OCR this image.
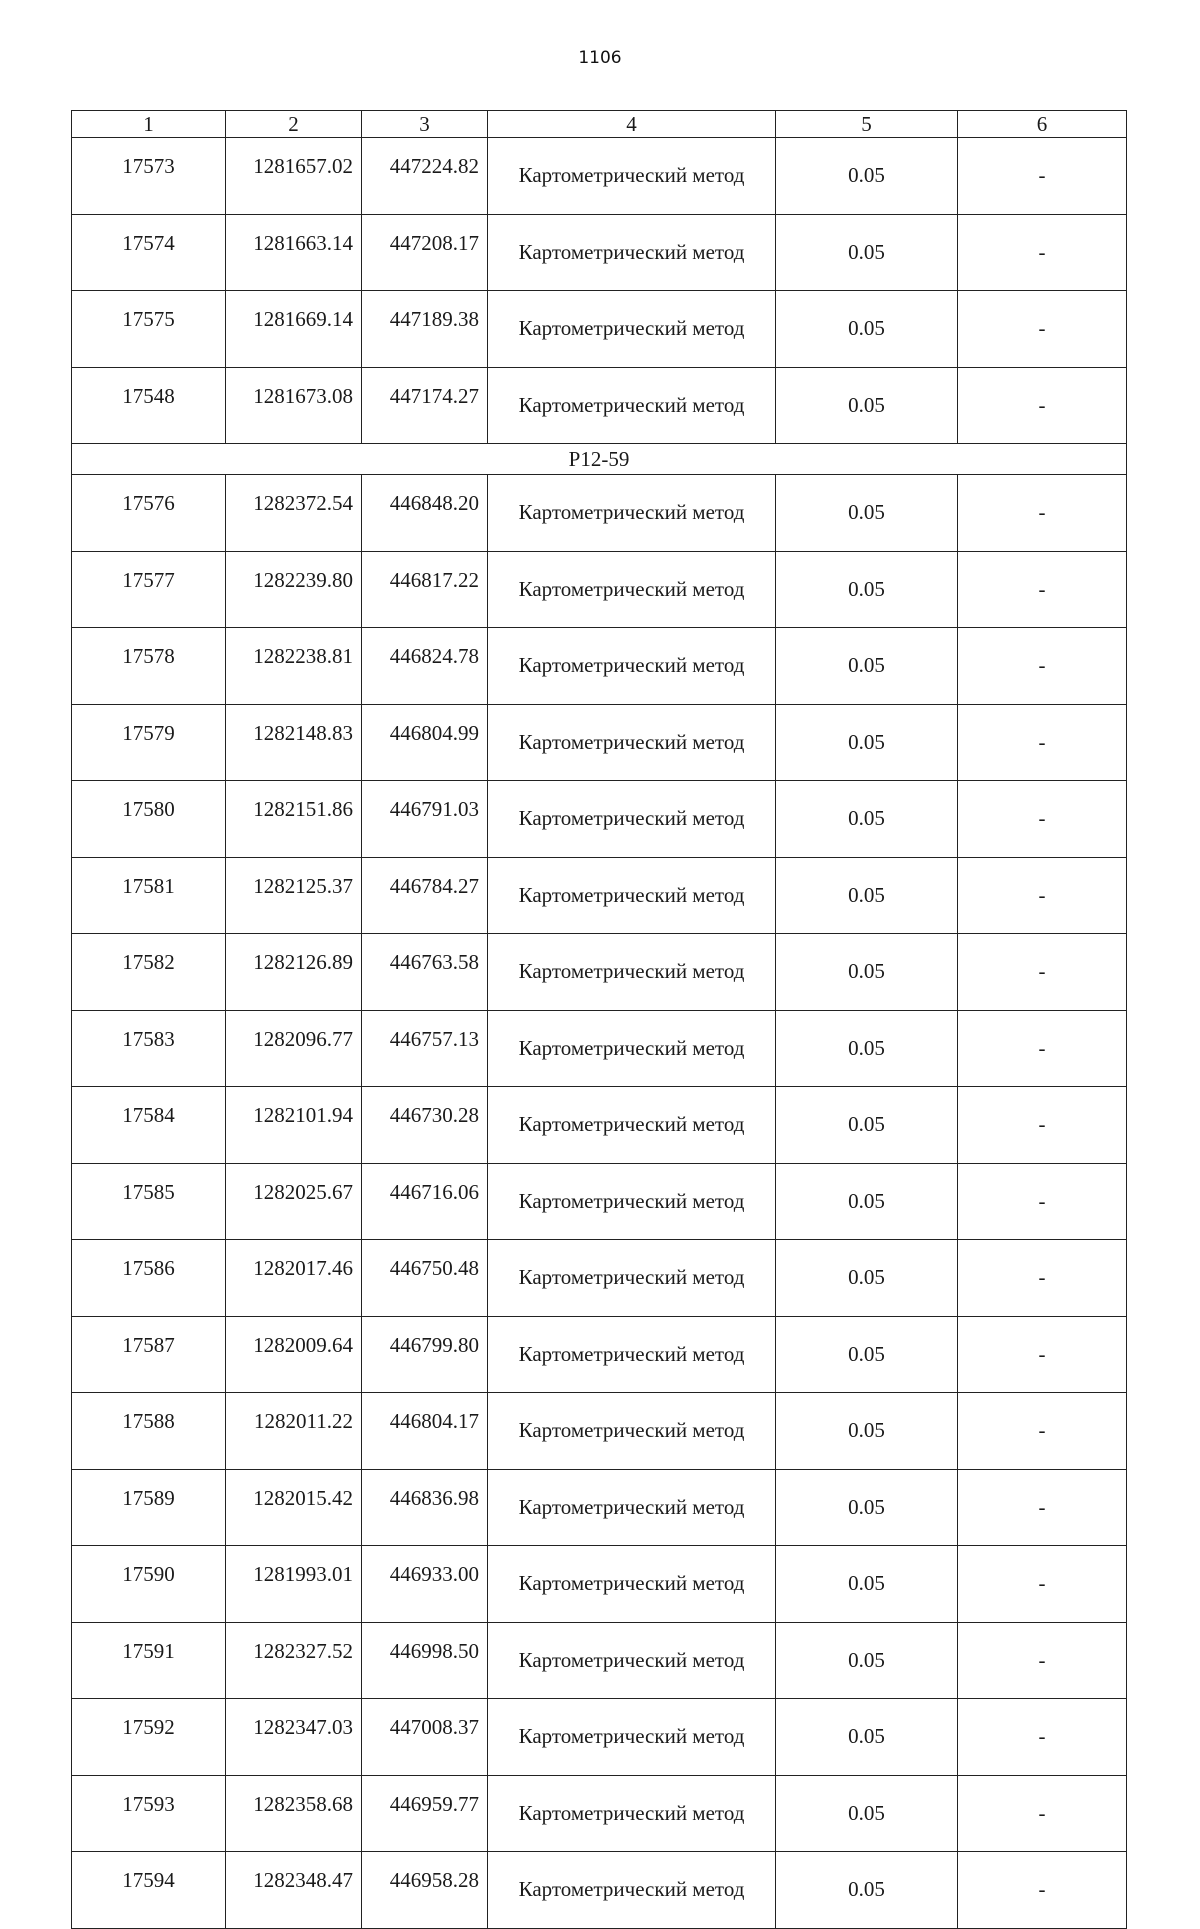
1106
1	2	3	4	5	6
17573	1281657.02	447224.82	Картометрический метод	0.05	-
17574	1281663.14	447208.17	Картометрический метод	0.05	-
17575	1281669.14	447189.38	Картометрический метод	0.05	-
17548	1281673.08	447174.27	Картометрический метод	0.05	-
P12-59					
17576	1282372.54	446848.20	Картометрический метод	0.05	-
17577	1282239.80	446817.22	Картометрический метод	0.05	-
17578	1282238.81	446824.78	Картометрический метод	0.05	-
17579	1282148.83	446804.99	Картометрический метод	0.05	-
17580	1282151.86	446791.03	Картометрический метод	0.05	-
17581	1282125.37	446784.27	Картометрический метод	0.05	-
17582	1282126.89	446763.58	Картометрический метод	0.05	-
17583	1282096.77	446757.13	Картометрический метод	0.05	-
17584	1282101.94	446730.28	Картометрический метод	0.05	-
17585	1282025.67	446716.06	Картометрический метод	0.05	-
17586	1282017.46	446750.48	Картометрический метод	0.05	-
17587	1282009.64	446799.80	Картометрический метод	0.05	-
17588	1282011.22	446804.17	Картометрический метод	0.05	-
17589	1282015.42	446836.98	Картометрический метод	0.05	-
17590	1281993.01	446933.00	Картометрический метод	0.05	-
17591	1282327.52	446998.50	Картометрический метод	0.05	-
17592	1282347.03	447008.37	Картометрический метод	0.05	-
17593	1282358.68	446959.77	Картометрический метод	0.05	-
17594	1282348.47	446958.28	Картометрический метод	0.05	-
